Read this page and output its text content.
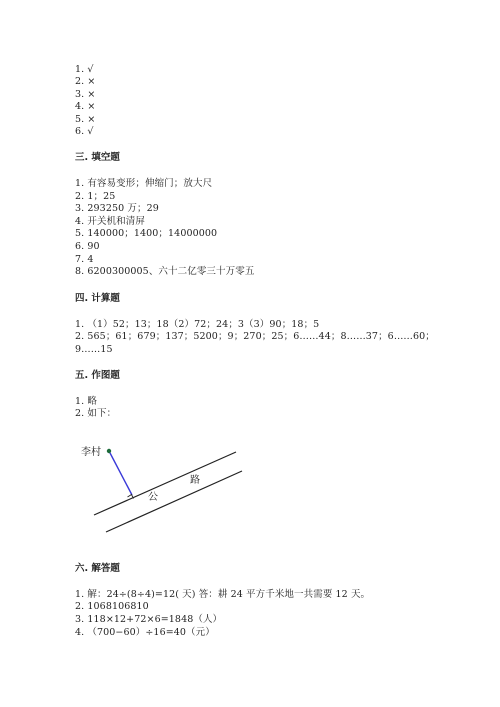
1. √
2. ×
3. ×
4. ×
5. ×
6. √
三. 填空题
1. 有容易变形；伸缩门；放大尺
2. 1；25
3. 293250 万；29
4. 开关机和清屏
5. 140000；1400；14000000
6. 90
7. 4
8. 6200300005、六十二亿零三十万零五
四. 计算题
1. （1）52；13；18（2）72；24；3（3）90；18；5
2. 565；61；679；137；5200；9；270；25；6……44；8……37；6……60；
9……15
五. 作图题
1. 略
2. 如下：
李村
公
路
六. 解答题
1. 解：24÷(8÷4)=12( 天) 答：耕 24 平方千米地一共需要 12 天。
2. 1068106810
3. 118×12+72×6=1848（人）
4. （700−60）÷16=40（元）
